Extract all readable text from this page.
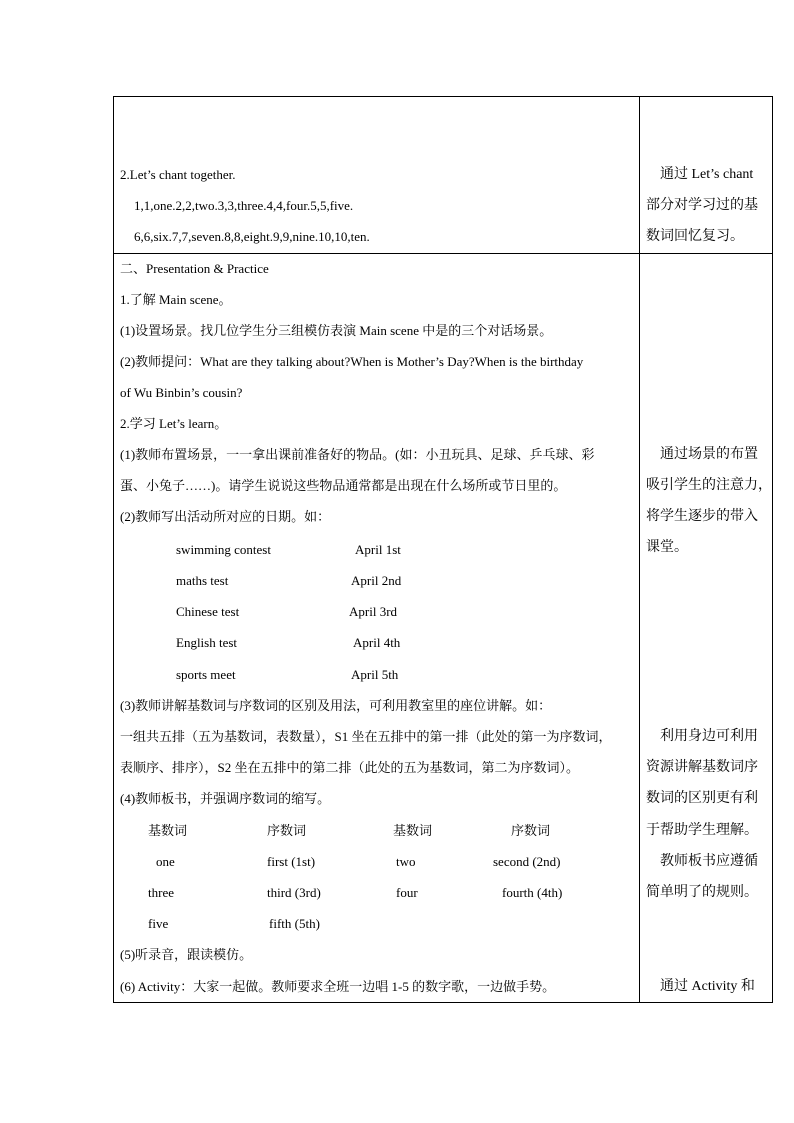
2.Let’s chant together.
1,1,one.2,2,two.3,3,three.4,4,four.5,5,five.
6,6,six.7,7,seven.8,8,eight.9,9,nine.10,10,ten.
通过 Let’s chant
部分对学习过的基
数词回忆复习。
二、Presentation & Practice
1.了解 Main scene。
(1)设置场景。找几位学生分三组模仿表演 Main scene 中是的三个对话场景。
(2)教师提问：What are they talking about?When is Mother’s Day?When is the birthday
of Wu Binbin’s cousin?
2.学习 Let’s learn。
(1)教师布置场景，一一拿出课前准备好的物品。(如：小丑玩具、足球、乒乓球、彩
蛋、小兔子……)。请学生说说这些物品通常都是出现在什么场所或节日里的。
(2)教师写出活动所对应的日期。如：
swimming contest	April 1st
maths test	April 2nd
Chinese test	April 3rd
English test	April 4th
sports meet	April 5th
(3)教师讲解基数词与序数词的区别及用法，可利用教室里的座位讲解。如：
一组共五排（五为基数词，表数量），S1 坐在五排中的第一排（此处的第一为序数词，
表顺序、排序），S2 坐在五排中的第二排（此处的五为基数词，第二为序数词）。
(4)教师板书，并强调序数词的缩写。
基数词	序数词	基数词	序数词
one	first (1st)	two	second (2nd)
three	third (3rd)	four	fourth (4th)
five	fifth (5th)
(5)听录音，跟读模仿。
(6) Activity：大家一起做。教师要求全班一边唱 1-5 的数字歌，一边做手势。
通过场景的布置
吸引学生的注意力，
将学生逐步的带入
课堂。
利用身边可利用
资源讲解基数词序
数词的区别更有利
于帮助学生理解。
教师板书应遵循
简单明了的规则。
通过 Activity 和
